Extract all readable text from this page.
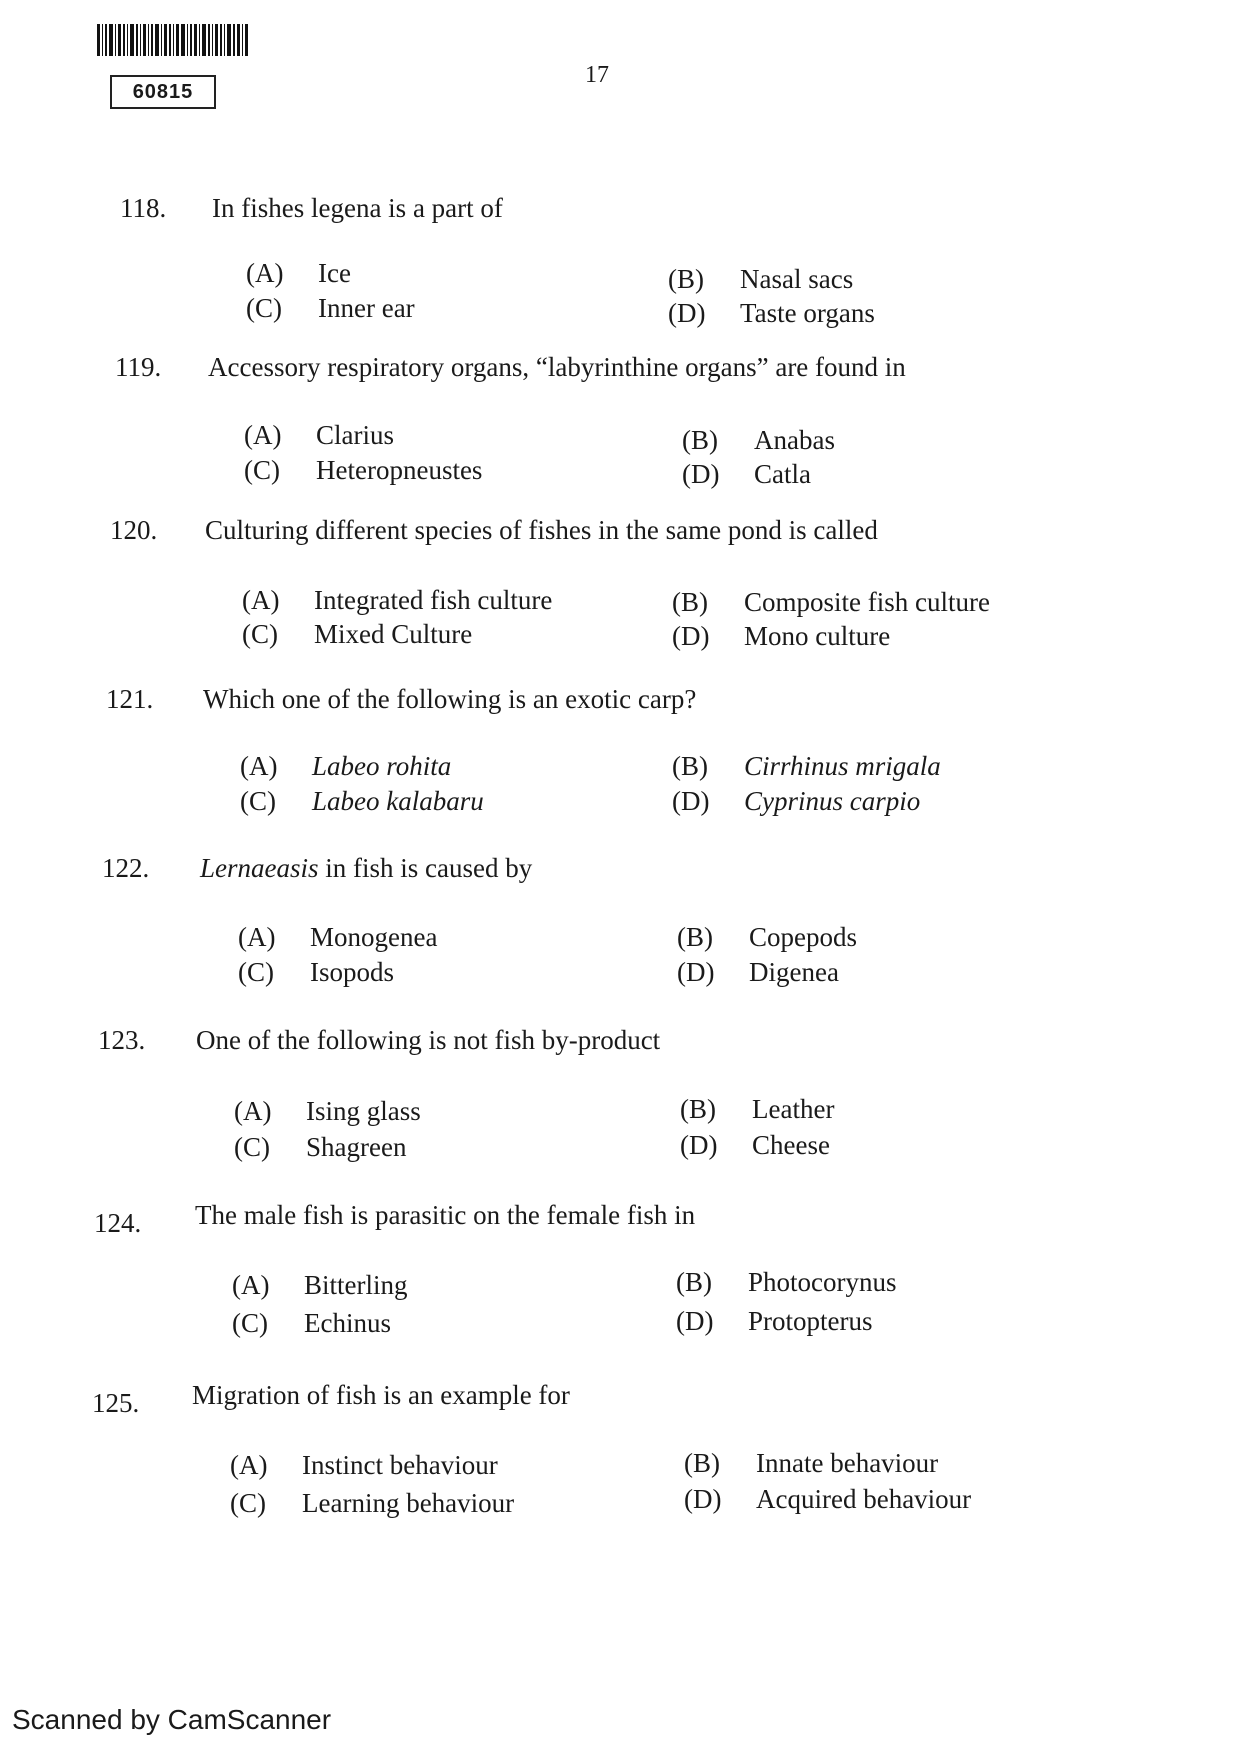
60815
17
118. In fishes legena is a part of
(A) Ice	(B) Nasal sacs
(C) Inner ear	(D) Taste organs
119. Accessory respiratory organs, “labyrinthine organs” are found in
(A) Clarius	(B) Anabas
(C) Heteropneustes	(D) Catla
120. Culturing different species of fishes in the same pond is called
(A) Integrated fish culture	(B) Composite fish culture
(C) Mixed Culture	(D) Mono culture
121. Which one of the following is an exotic carp?
(A) Labeo rohita	(B) Cirrhinus mrigala
(C) Labeo kalabaru	(D) Cyprinus carpio
122. Lernaeasis in fish is caused by
(A) Monogenea	(B) Copepods
(C) Isopods	(D) Digenea
123. One of the following is not fish by-product
(A) Ising glass	(B) Leather
(C) Shagreen	(D) Cheese
124. The male fish is parasitic on the female fish in
(A) Bitterling	(B) Photocorynus
(C) Echinus	(D) Protopterus
125. Migration of fish is an example for
(A) Instinct behaviour	(B) Innate behaviour
(C) Learning behaviour	(D) Acquired behaviour
Scanned by CamScanner
